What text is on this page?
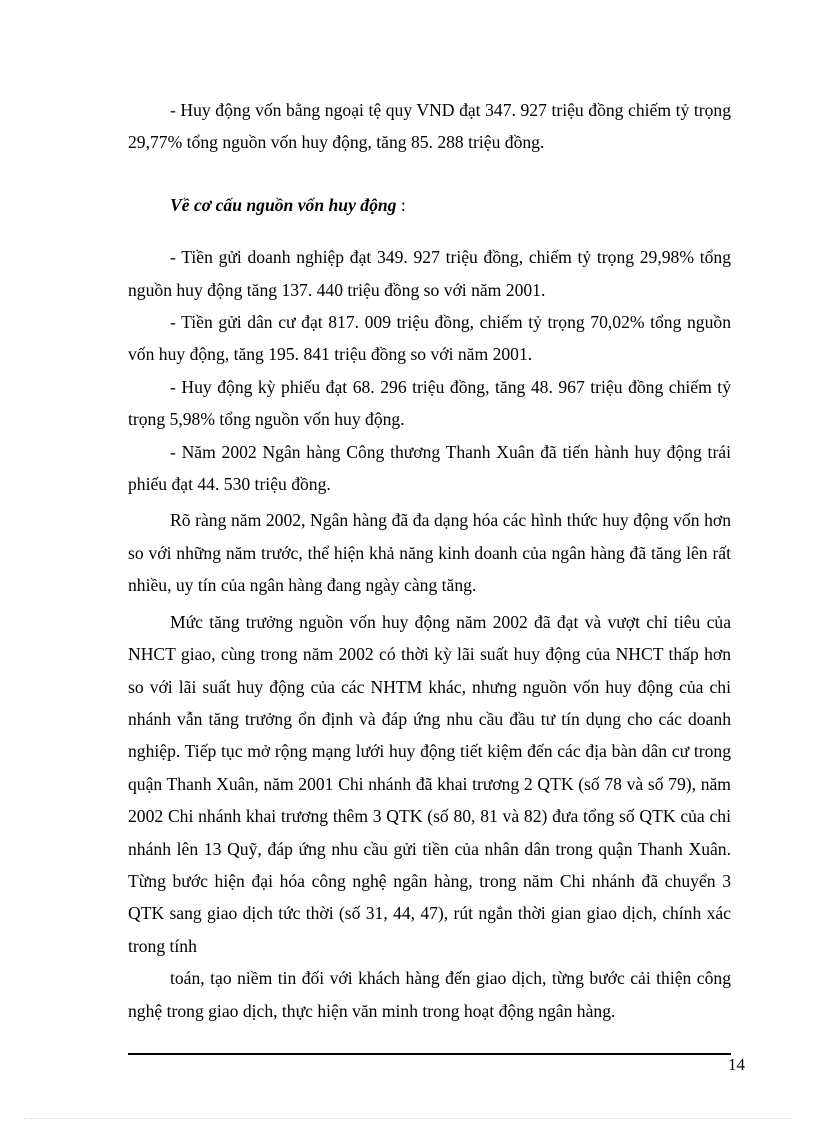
- Huy động vốn bằng ngoại tệ quy VND đạt 347. 927 triệu đồng chiếm tỷ trọng 29,77% tổng nguồn vốn huy động, tăng 85. 288 triệu đồng.

Về cơ cấu nguồn vốn huy động :

- Tiền gửi doanh nghiệp đạt 349. 927 triệu đồng, chiếm tỷ trọng 29,98% tổng nguồn huy động tăng 137. 440 triệu đồng so với năm 2001.

- Tiền gửi dân cư đạt 817. 009 triệu đồng, chiếm tỷ trọng 70,02% tổng nguồn vốn huy động, tăng 195. 841 triệu đồng so với năm 2001.

- Huy động kỳ phiếu đạt 68. 296 triệu đồng, tăng 48. 967 triệu đồng chiếm tỷ trọng 5,98% tổng nguồn vốn huy động.

- Năm 2002 Ngân hàng Công thương Thanh Xuân đã tiến hành huy động trái phiếu đạt 44. 530 triệu đồng.

Rõ ràng năm 2002, Ngân hàng đã đa dạng hóa các hình thức huy động vốn hơn so với những năm trước, thể hiện khả năng kinh doanh của ngân hàng đã tăng lên rất nhiều, uy tín của ngân hàng đang ngày càng tăng.

Mức tăng trưởng nguồn vốn huy động năm 2002 đã đạt và vượt chỉ tiêu của NHCT giao, cùng trong năm 2002 có thời kỳ lãi suất huy động của NHCT thấp hơn so với lãi suất huy động của các NHTM khác, nhưng nguồn vốn huy động của chi nhánh vẫn tăng trưởng ổn định và đáp ứng nhu cầu đầu tư tín dụng cho các doanh nghiệp. Tiếp tục mở rộng mạng lưới huy động tiết kiệm đến các địa bàn dân cư trong quận Thanh Xuân, năm 2001 Chi nhánh đã khai trương 2 QTK (số 78 và số 79), năm 2002 Chi nhánh khai trương thêm 3 QTK (số 80, 81 và 82) đưa tổng số QTK của chi nhánh lên 13 Quỹ, đáp ứng nhu cầu gửi tiền của nhân dân trong quận Thanh Xuân. Từng bước hiện đại hóa công nghệ ngân hàng, trong năm Chi nhánh đã chuyển 3 QTK sang giao dịch tức thời (số 31, 44, 47), rút ngắn thời gian giao dịch, chính xác trong tính

toán, tạo niềm tin đối với khách hàng đến giao dịch, từng bước cải thiện công nghệ trong giao dịch, thực hiện văn minh trong hoạt động ngân hàng.

14
